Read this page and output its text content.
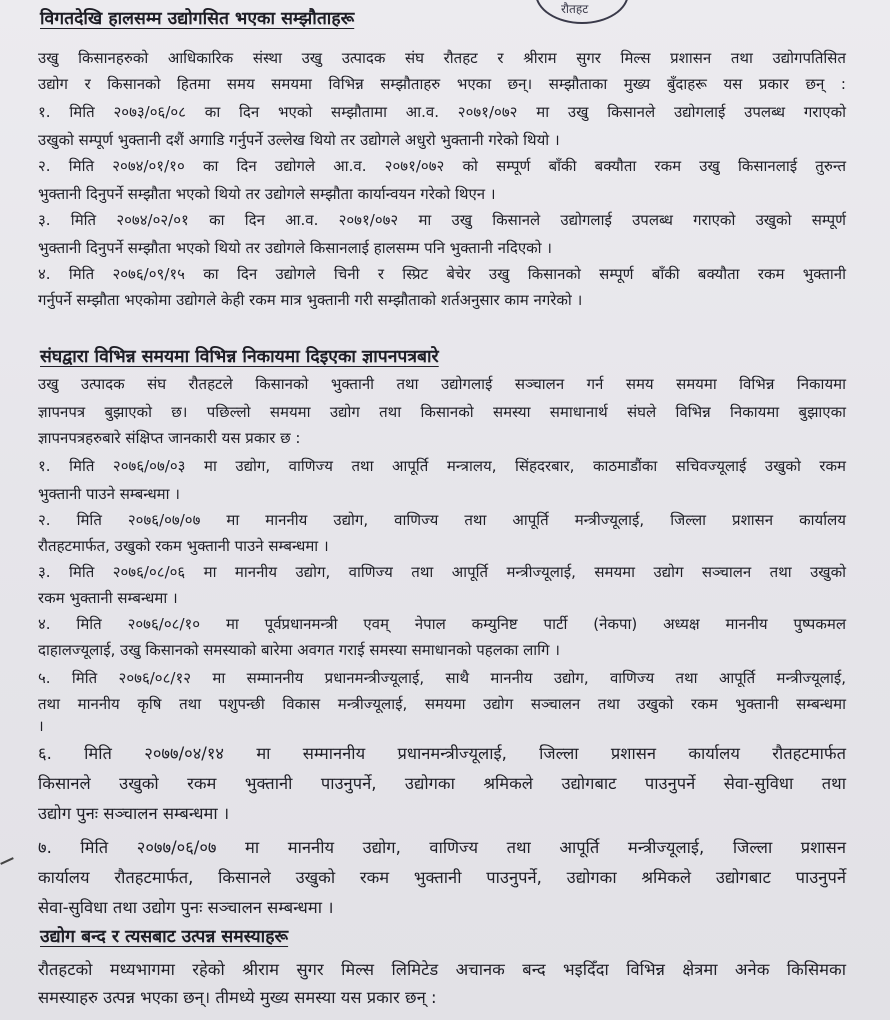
रौतहट
विगतदेखि हालसम्म उद्योगसित भएका सम्झौताहरू
उखु किसानहरुको आधिकारिक संस्था उखु उत्पादक संघ रौतहट र श्रीराम सुगर मिल्स प्रशासन तथा उद्योगपतिसित
उद्योग र किसानको हितमा समय समयमा विभिन्न सम्झौताहरु भएका छन्। सम्झौताका मुख्य बुँदाहरू यस प्रकार छन् :
१. मिति २०७३/०६/०८ का दिन भएको सम्झौतामा आ.व. २०७१/०७२ मा उखु किसानले उद्योगलाई उपलब्ध गराएको
उखुको सम्पूर्ण भुक्तानी दशैं अगाडि गर्नुपर्ने उल्लेख थियो तर उद्योगले अधुरो भुक्तानी गरेको थियो ।
२. मिति २०७४/०१/१० का दिन उद्योगले आ.व. २०७१/०७२ को सम्पूर्ण बाँकी बक्यौता रकम उखु किसानलाई तुरुन्त
भुक्तानी दिनुपर्ने सम्झौता भएको थियो तर उद्योगले सम्झौता कार्यान्वयन गरेको थिएन ।
३. मिति २०७४/०२/०१ का दिन आ.व. २०७१/०७२ मा उखु किसानले उद्योगलाई उपलब्ध गराएको उखुको सम्पूर्ण
भुक्तानी दिनुपर्ने सम्झौता भएको थियो तर उद्योगले किसानलाई हालसम्म पनि भुक्तानी नदिएको ।
४. मिति २०७६/०९/१५ का दिन उद्योगले चिनी र स्प्रिट बेचेर उखु किसानको सम्पूर्ण बाँकी बक्यौता रकम भुक्तानी
गर्नुपर्ने सम्झौता भएकोमा उद्योगले केही रकम मात्र भुक्तानी गरी सम्झौताको शर्तअनुसार काम नगरेको ।
संघद्वारा विभिन्न समयमा विभिन्न निकायमा दिइएका ज्ञापनपत्रबारे
उखु उत्पादक संघ रौतहटले किसानको भुक्तानी तथा उद्योगलाई सञ्चालन गर्न समय समयमा विभिन्न निकायमा
ज्ञापनपत्र बुझाएको छ। पछिल्लो समयमा उद्योग तथा किसानको समस्या समाधानार्थ संघले विभिन्न निकायमा बुझाएका
ज्ञापनपत्रहरुबारे संक्षिप्त जानकारी यस प्रकार छ :
१. मिति २०७६/०७/०३ मा उद्योग, वाणिज्य तथा आपूर्ति मन्त्रालय, सिंहदरबार, काठमाडौंका सचिवज्यूलाई उखुको रकम
भुक्तानी पाउने सम्बन्धमा ।
२. मिति २०७६/०७/०७ मा माननीय उद्योग, वाणिज्य तथा आपूर्ति मन्त्रीज्यूलाई, जिल्ला प्रशासन कार्यालय
रौतहटमार्फत, उखुको रकम भुक्तानी पाउने सम्बन्धमा ।
३. मिति २०७६/०८/०६ मा माननीय उद्योग, वाणिज्य तथा आपूर्ति मन्त्रीज्यूलाई, समयमा उद्योग सञ्चालन तथा उखुको
रकम भुक्तानी सम्बन्धमा ।
४. मिति २०७६/०८/१० मा पूर्वप्रधानमन्त्री एवम् नेपाल कम्युनिष्ट पार्टी (नेकपा) अध्यक्ष माननीय पुष्पकमल
दाहालज्यूलाई, उखु किसानको समस्याको बारेमा अवगत गराई समस्या समाधानको पहलका लागि ।
५. मिति २०७६/०८/१२ मा सम्माननीय प्रधानमन्त्रीज्यूलाई, साथै माननीय उद्योग, वाणिज्य तथा आपूर्ति मन्त्रीज्यूलाई,
तथा माननीय कृषि तथा पशुपन्छी विकास मन्त्रीज्यूलाई, समयमा उद्योग सञ्चालन तथा उखुको रकम भुक्तानी सम्बन्धमा
।
६. मिति २०७७/०४/१४ मा सम्माननीय प्रधानमन्त्रीज्यूलाई, जिल्ला प्रशासन कार्यालय रौतहटमार्फत
किसानले उखुको रकम भुक्तानी पाउनुपर्ने, उद्योगका श्रमिकले उद्योगबाट पाउनुपर्ने सेवा-सुविधा तथा
उद्योग पुनः सञ्चालन सम्बन्धमा ।
७. मिति २०७७/०६/०७ मा माननीय उद्योग, वाणिज्य तथा आपूर्ति मन्त्रीज्यूलाई, जिल्ला प्रशासन
कार्यालय रौतहटमार्फत, किसानले उखुको रकम भुक्तानी पाउनुपर्ने, उद्योगका श्रमिकले उद्योगबाट पाउनुपर्ने
सेवा-सुविधा तथा उद्योग पुनः सञ्चालन सम्बन्धमा ।
उद्योग बन्द र त्यसबाट उत्पन्न समस्याहरू
रौतहटको मध्यभागमा रहेको श्रीराम सुगर मिल्स लिमिटेड अचानक बन्द भइदिँदा विभिन्न क्षेत्रमा अनेक किसिमका
समस्याहरु उत्पन्न भएका छन्। तीमध्ये मुख्य समस्या यस प्रकार छन् :
